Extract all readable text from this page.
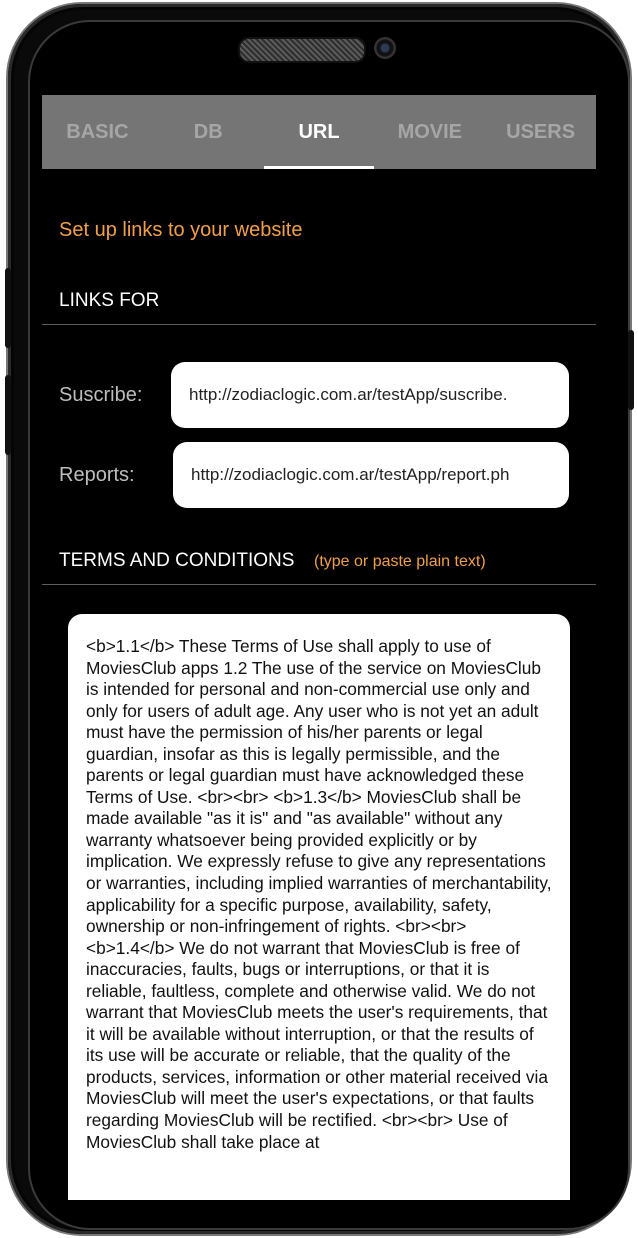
BASIC	DB	URL	MOVIE	USERS
Set up links to your website
LINKS FOR
Suscribe:
http://zodiaclogic.com.ar/testApp/suscribe.
Reports:
http://zodiaclogic.com.ar/testApp/report.ph
TERMS AND CONDITIONS (type or paste plain text)
<b>1.1</b> These Terms of Use shall apply to use of MoviesClub apps 1.2 The use of the service on MoviesClub is intended for personal and non-commercial use only and only for users of adult age. Any user who is not yet an adult must have the permission of his/her parents or legal guardian, insofar as this is legally permissible, and the parents or legal guardian must have acknowledged these Terms of Use. <br><br> <b>1.3</b> MoviesClub shall be made available "as it is" and "as available" without any warranty whatsoever being provided explicitly or by implication. We expressly refuse to give any representations or warranties, including implied warranties of merchantability, applicability for a specific purpose, availability, safety, ownership or non-infringement of rights. <br><br> <b>1.4</b> We do not warrant that MoviesClub is free of inaccuracies, faults, bugs or interruptions, or that it is reliable, faultless, complete and otherwise valid. We do not warrant that MoviesClub meets the user's requirements, that it will be available without interruption, or that the results of its use will be accurate or reliable, that the quality of the products, services, information or other material received via MoviesClub will meet the user's expectations, or that faults regarding MoviesClub will be rectified. <br><br> Use of MoviesClub shall take place at
